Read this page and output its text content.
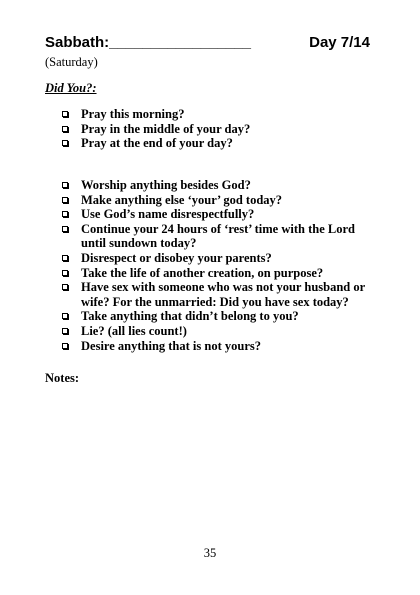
Sabbath:_________________	Day 7/14
(Saturday)
Did You?:
Pray this morning?
Pray in the middle of your day?
Pray at the end of your day?
Worship anything besides God?
Make anything else ‘your’ god today?
Use God’s name disrespectfully?
Continue your 24 hours of ‘rest’ time with the Lord until sundown today?
Disrespect or disobey your parents?
Take the life of another creation, on purpose?
Have sex with someone who was not your husband or wife? For the unmarried: Did you have sex today?
Take anything that didn’t belong to you?
Lie? (all lies count!)
Desire anything that is not yours?
Notes:
35
